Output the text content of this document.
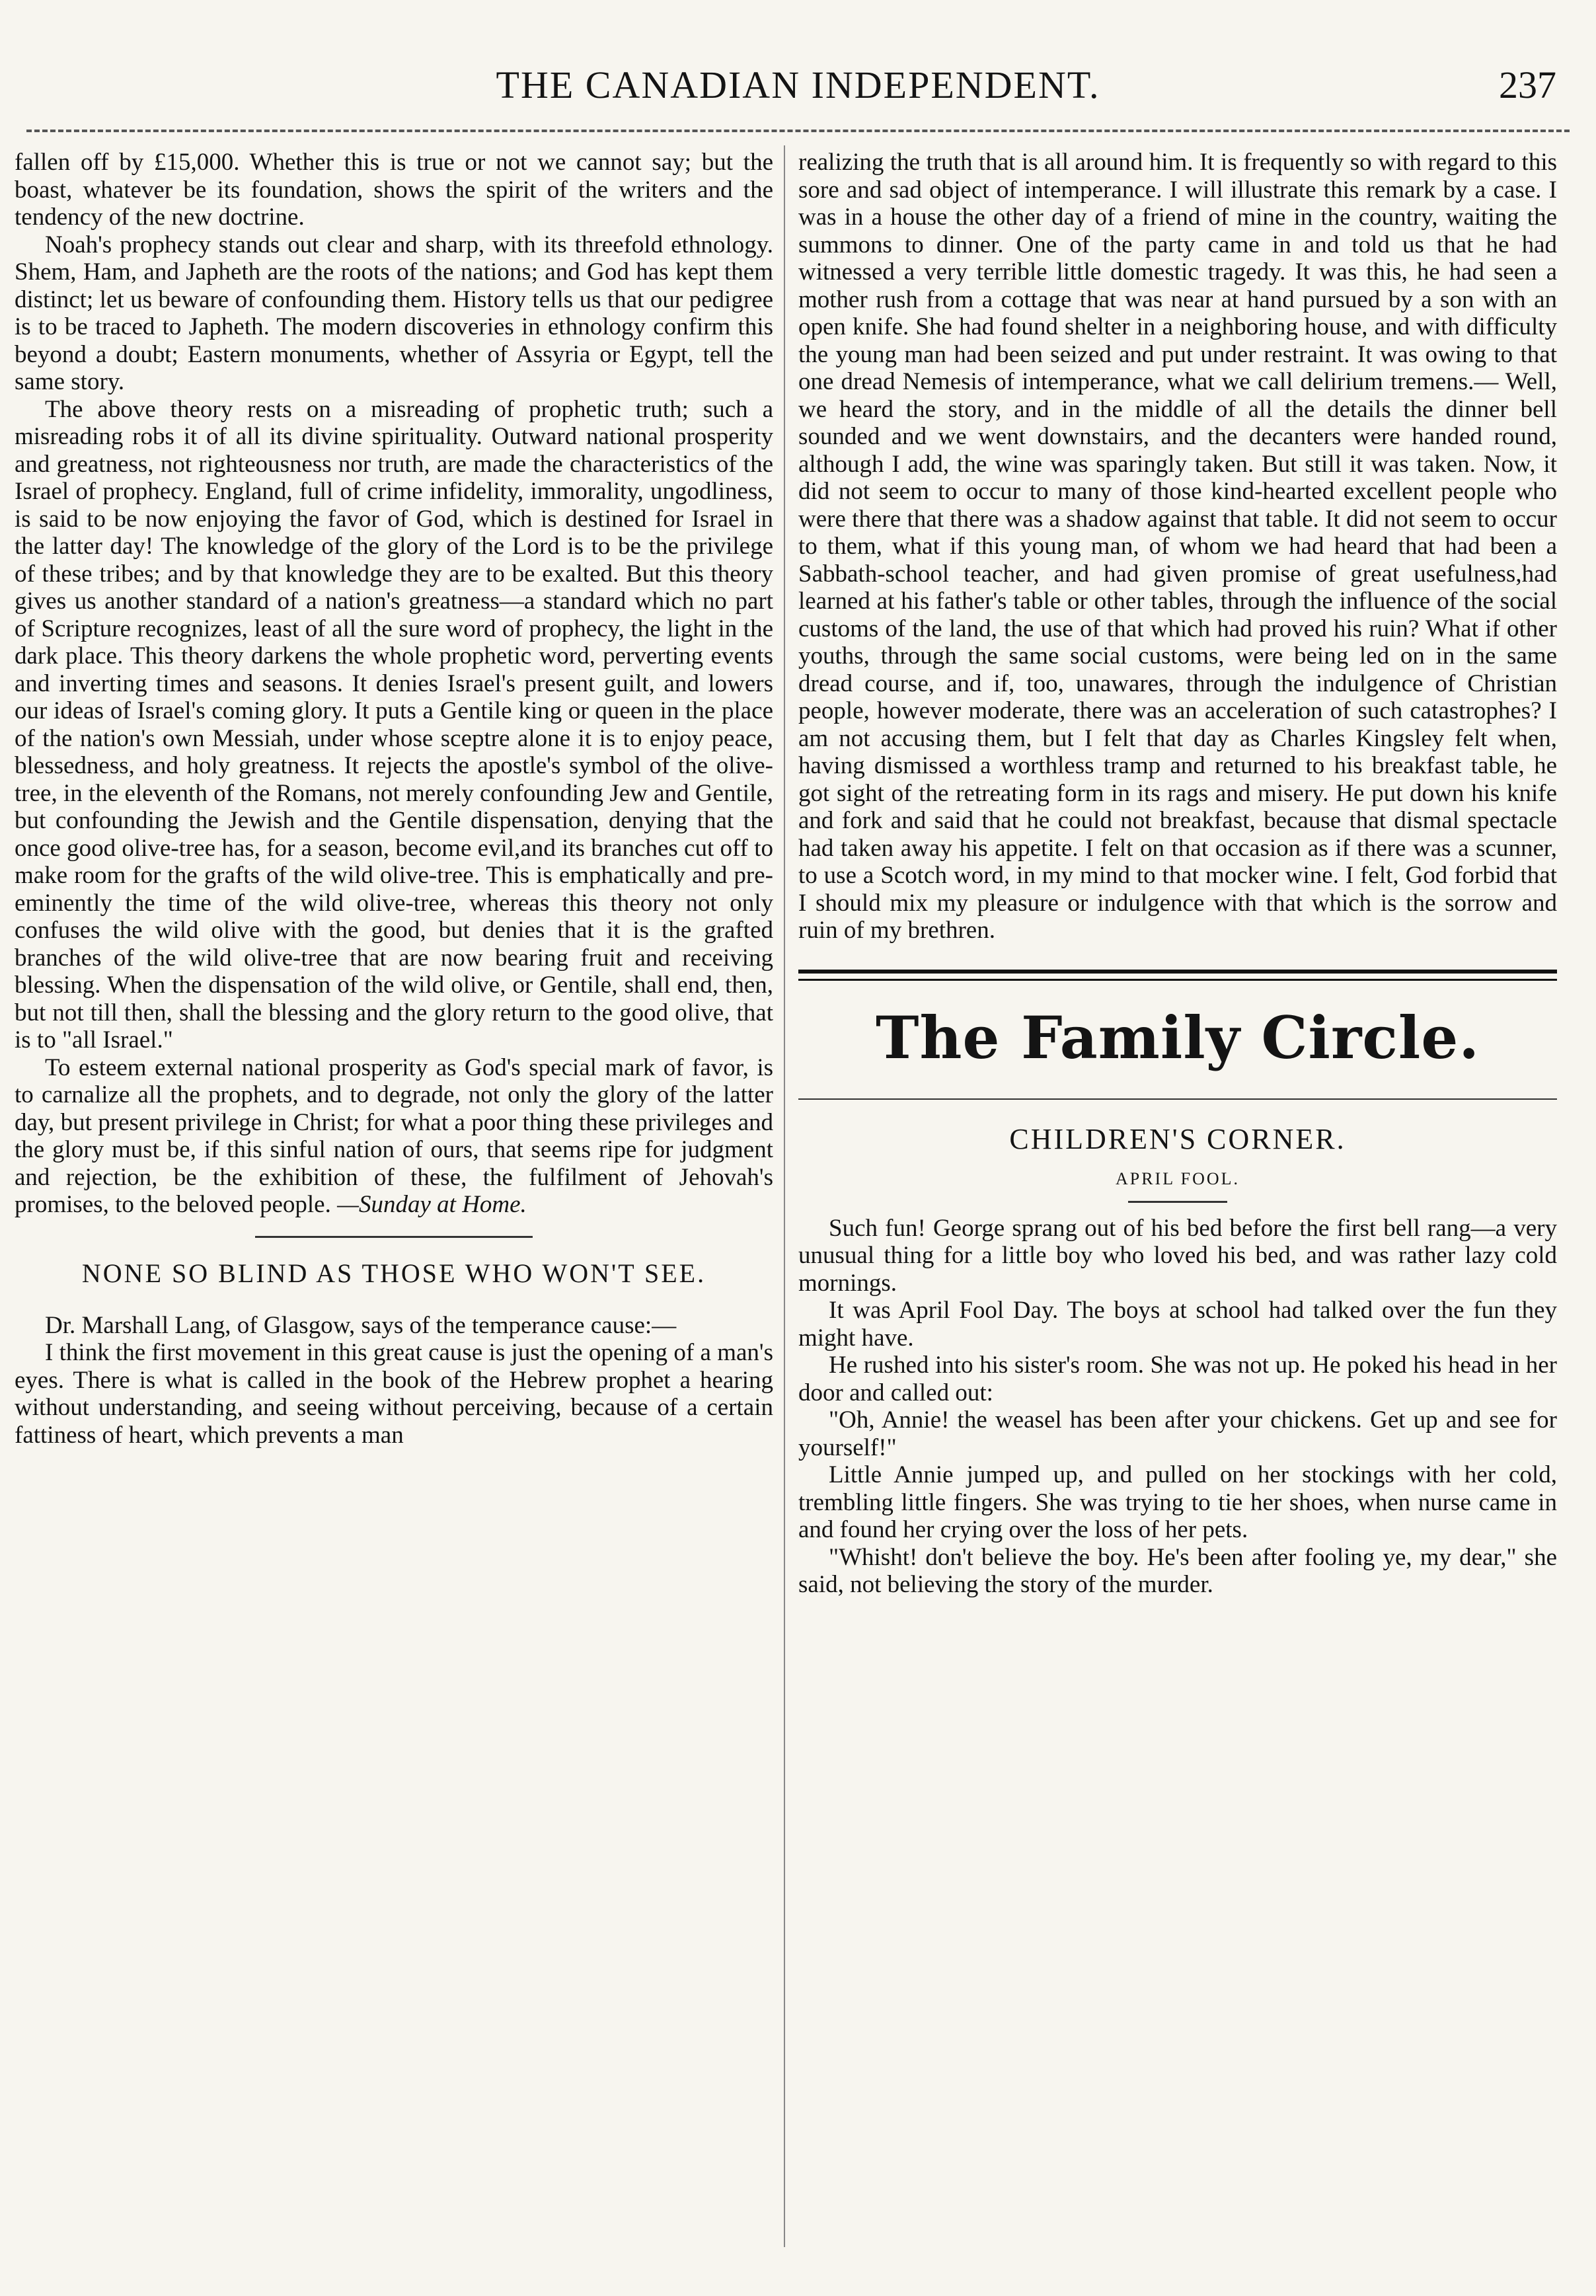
THE CANADIAN INDEPENDENT.	237

fallen off by £15,000. Whether this is true or not we cannot say; but the boast, whatever be its foundation, shows the spirit of the writers and the tendency of the new doctrine.

Noah's prophecy stands out clear and sharp, with its threefold ethnology. Shem, Ham, and Japheth are the roots of the nations; and God has kept them distinct; let us beware of confounding them. History tells us that our pedigree is to be traced to Japheth. The modern discoveries in ethnology confirm this beyond a doubt; Eastern monuments, whether of Assyria or Egypt, tell the same story.

The above theory rests on a misreading of prophetic truth; such a misreading robs it of all its divine spirituality. Outward national prosperity and greatness, not righteousness nor truth, are made the characteristics of the Israel of prophecy. England, full of crime infidelity, immorality, ungodliness, is said to be now enjoying the favor of God, which is destined for Israel in the latter day! The knowledge of the glory of the Lord is to be the privilege of these tribes; and by that knowledge they are to be exalted. But this theory gives us another standard of a nation's greatness—a standard which no part of Scripture recognizes, least of all the sure word of prophecy, the light in the dark place. This theory darkens the whole prophetic word, perverting events and inverting times and seasons. It denies Israel's present guilt, and lowers our ideas of Israel's coming glory. It puts a Gentile king or queen in the place of the nation's own Messiah, under whose sceptre alone it is to enjoy peace, blessedness, and holy greatness. It rejects the apostle's symbol of the olive-tree, in the eleventh of the Romans, not merely confounding Jew and Gentile, but confounding the Jewish and the Gentile dispensation, denying that the once good olive-tree has, for a season, become evil,and its branches cut off to make room for the grafts of the wild olive-tree. This is emphatically and pre-eminently the time of the wild olive-tree, whereas this theory not only confuses the wild olive with the good, but denies that it is the grafted branches of the wild olive-tree that are now bearing fruit and receiving blessing. When the dispensation of the wild olive, or Gentile, shall end, then, but not till then, shall the blessing and the glory return to the good olive, that is to "all Israel."

To esteem external national prosperity as God's special mark of favor, is to carnalize all the prophets, and to degrade, not only the glory of the latter day, but present privilege in Christ; for what a poor thing these privileges and the glory must be, if this sinful nation of ours, that seems ripe for judgment and rejection, be the exhibition of these, the fulfilment of Jehovah's promises, to the beloved people. —Sunday at Home.

NONE SO BLIND AS THOSE WHO WON'T SEE.

Dr. Marshall Lang, of Glasgow, says of the temperance cause:—

I think the first movement in this great cause is just the opening of a man's eyes. There is what is called in the book of the Hebrew prophet a hearing without understanding, and seeing without perceiving, because of a certain fattiness of heart, which prevents a man

realizing the truth that is all around him. It is frequently so with regard to this sore and sad object of intemperance. I will illustrate this remark by a case. I was in a house the other day of a friend of mine in the country, waiting the summons to dinner. One of the party came in and told us that he had witnessed a very terrible little domestic tragedy. It was this, he had seen a mother rush from a cottage that was near at hand pursued by a son with an open knife. She had found shelter in a neighboring house, and with difficulty the young man had been seized and put under restraint. It was owing to that one dread Nemesis of intemperance, what we call delirium tremens.— Well, we heard the story, and in the middle of all the details the dinner bell sounded and we went downstairs, and the decanters were handed round, although I add, the wine was sparingly taken. But still it was taken. Now, it did not seem to occur to many of those kind-hearted excellent people who were there that there was a shadow against that table. It did not seem to occur to them, what if this young man, of whom we had heard that had been a Sabbath-school teacher, and had given promise of great usefulness,had learned at his father's table or other tables, through the influence of the social customs of the land, the use of that which had proved his ruin? What if other youths, through the same social customs, were being led on in the same dread course, and if, too, unawares, through the indulgence of Christian people, however moderate, there was an acceleration of such catastrophes? I am not accusing them, but I felt that day as Charles Kingsley felt when, having dismissed a worthless tramp and returned to his breakfast table, he got sight of the retreating form in its rags and misery. He put down his knife and fork and said that he could not breakfast, because that dismal spectacle had taken away his appetite. I felt on that occasion as if there was a scunner, to use a Scotch word, in my mind to that mocker wine. I felt, God forbid that I should mix my pleasure or indulgence with that which is the sorrow and ruin of my brethren.

The Family Circle.
CHILDREN'S CORNER.
APRIL FOOL.

Such fun! George sprang out of his bed before the first bell rang—a very unusual thing for a little boy who loved his bed, and was rather lazy cold mornings.

It was April Fool Day. The boys at school had talked over the fun they might have.

He rushed into his sister's room. She was not up. He poked his head in her door and called out:

"Oh, Annie! the weasel has been after your chickens. Get up and see for yourself!"

Little Annie jumped up, and pulled on her stockings with her cold, trembling little fingers. She was trying to tie her shoes, when nurse came in and found her crying over the loss of her pets.

"Whisht! don't believe the boy. He's been after fooling ye, my dear," she said, not believing the story of the murder.
